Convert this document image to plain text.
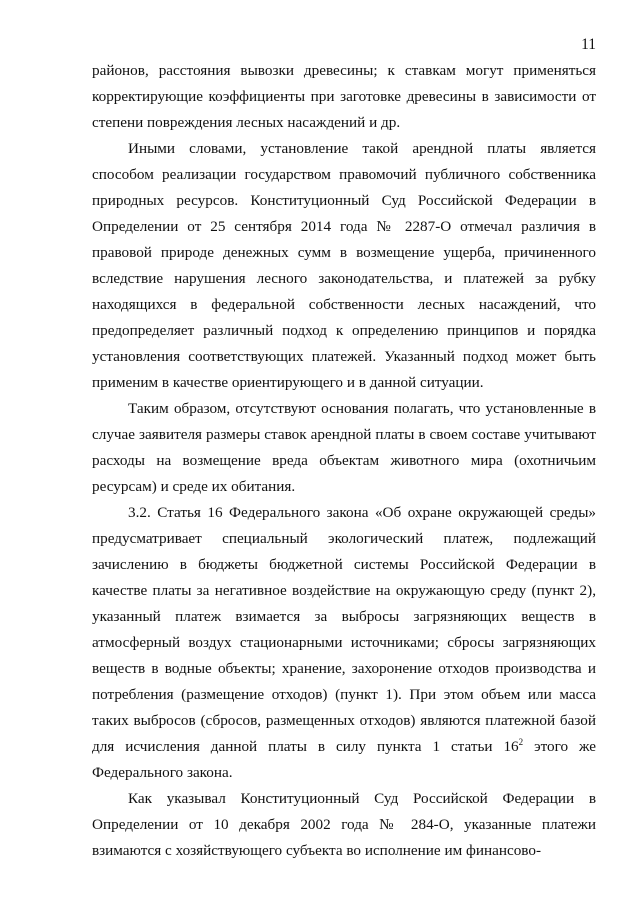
11

районов, расстояния вывозки древесины; к ставкам могут применяться корректирующие коэффициенты при заготовке древесины в зависимости от степени повреждения лесных насаждений и др.

Иными словами, установление такой арендной платы является способом реализации государством правомочий публичного собственника природных ресурсов. Конституционный Суд Российской Федерации в Определении от 25 сентября 2014 года № 2287-О отмечал различия в правовой природе денежных сумм в возмещение ущерба, причиненного вследствие нарушения лесного законодательства, и платежей за рубку находящихся в федеральной собственности лесных насаждений, что предопределяет различный подход к определению принципов и порядка установления соответствующих платежей. Указанный подход может быть применим в качестве ориентирующего и в данной ситуации.

Таким образом, отсутствуют основания полагать, что установленные в случае заявителя размеры ставок арендной платы в своем составе учитывают расходы на возмещение вреда объектам животного мира (охотничьим ресурсам) и среде их обитания.

3.2. Статья 16 Федерального закона «Об охране окружающей среды» предусматривает специальный экологический платеж, подлежащий зачислению в бюджеты бюджетной системы Российской Федерации в качестве платы за негативное воздействие на окружающую среду (пункт 2), указанный платеж взимается за выбросы загрязняющих веществ в атмосферный воздух стационарными источниками; сбросы загрязняющих веществ в водные объекты; хранение, захоронение отходов производства и потребления (размещение отходов) (пункт 1). При этом объем или масса таких выбросов (сбросов, размещенных отходов) являются платежной базой для исчисления данной платы в силу пункта 1 статьи $16^2$ этого же Федерального закона.

Как указывал Конституционный Суд Российской Федерации в Определении от 10 декабря 2002 года № 284-О, указанные платежи взимаются с хозяйствующего субъекта во исполнение им финансово-
